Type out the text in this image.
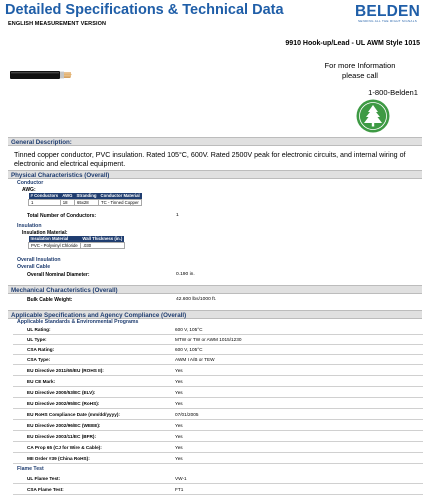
Detailed Specifications & Technical Data
ENGLISH MEASUREMENT VERSION
BELDEN
SENDING ALL THE RIGHT SIGNALS
9910 Hook-up/Lead - UL AWM Style 1015
For more Information
please call
1-800-Belden1
General Description:
Tinned copper conductor, PVC insulation. Rated 105°C, 600V. Rated 2500V peak for electronic circuits, and internal wiring of electronic and electrical equipment.
Physical Characteristics (Overall)
Conductor
AWG:
# Conductors	AWG	Stranding	Conductor Material
1	18	65x28	TC - Tinned Copper
Total Number of Conductors:	1
Insulation
Insulation Material:
Insulation Material	Wall Thickness (in.)
PVC - Polyvinyl Chloride	.030
Overall Insulation
Overall Cable
Overall Nominal Diameter:	0.190 in.
Mechanical Characteristics (Overall)
Bulk Cable Weight:	42.600 lbs/1000 ft.
Applicable Specifications and Agency Compliance (Overall)
Applicable Standards & Environmental Programs
UL Rating:	600 V, 105°C
UL Type:	MTW or TW or AWM 1015/1230
CSA Rating:	600 V, 105°C
CSA Type:	AWM I A/B or TEW
EU Directive 2011/65/EU (ROHS II):	Yes
EU CE Mark:	Yes
EU Directive 2000/53/EC (ELV):	Yes
EU Directive 2002/95/EC (RoHS):	Yes
EU RoHS Compliance Date (mm/dd/yyyy):	07/01/2005
EU Directive 2002/96/EC (WEEE):	Yes
EU Directive 2003/11/EC (BFR):	Yes
CA Prop 65 (CJ for Wire & Cable):	Yes
MII Order #39 (China RoHS):	Yes
Flame Test
UL Flame Test:	VW-1
CSA Flame Test:	FT1
